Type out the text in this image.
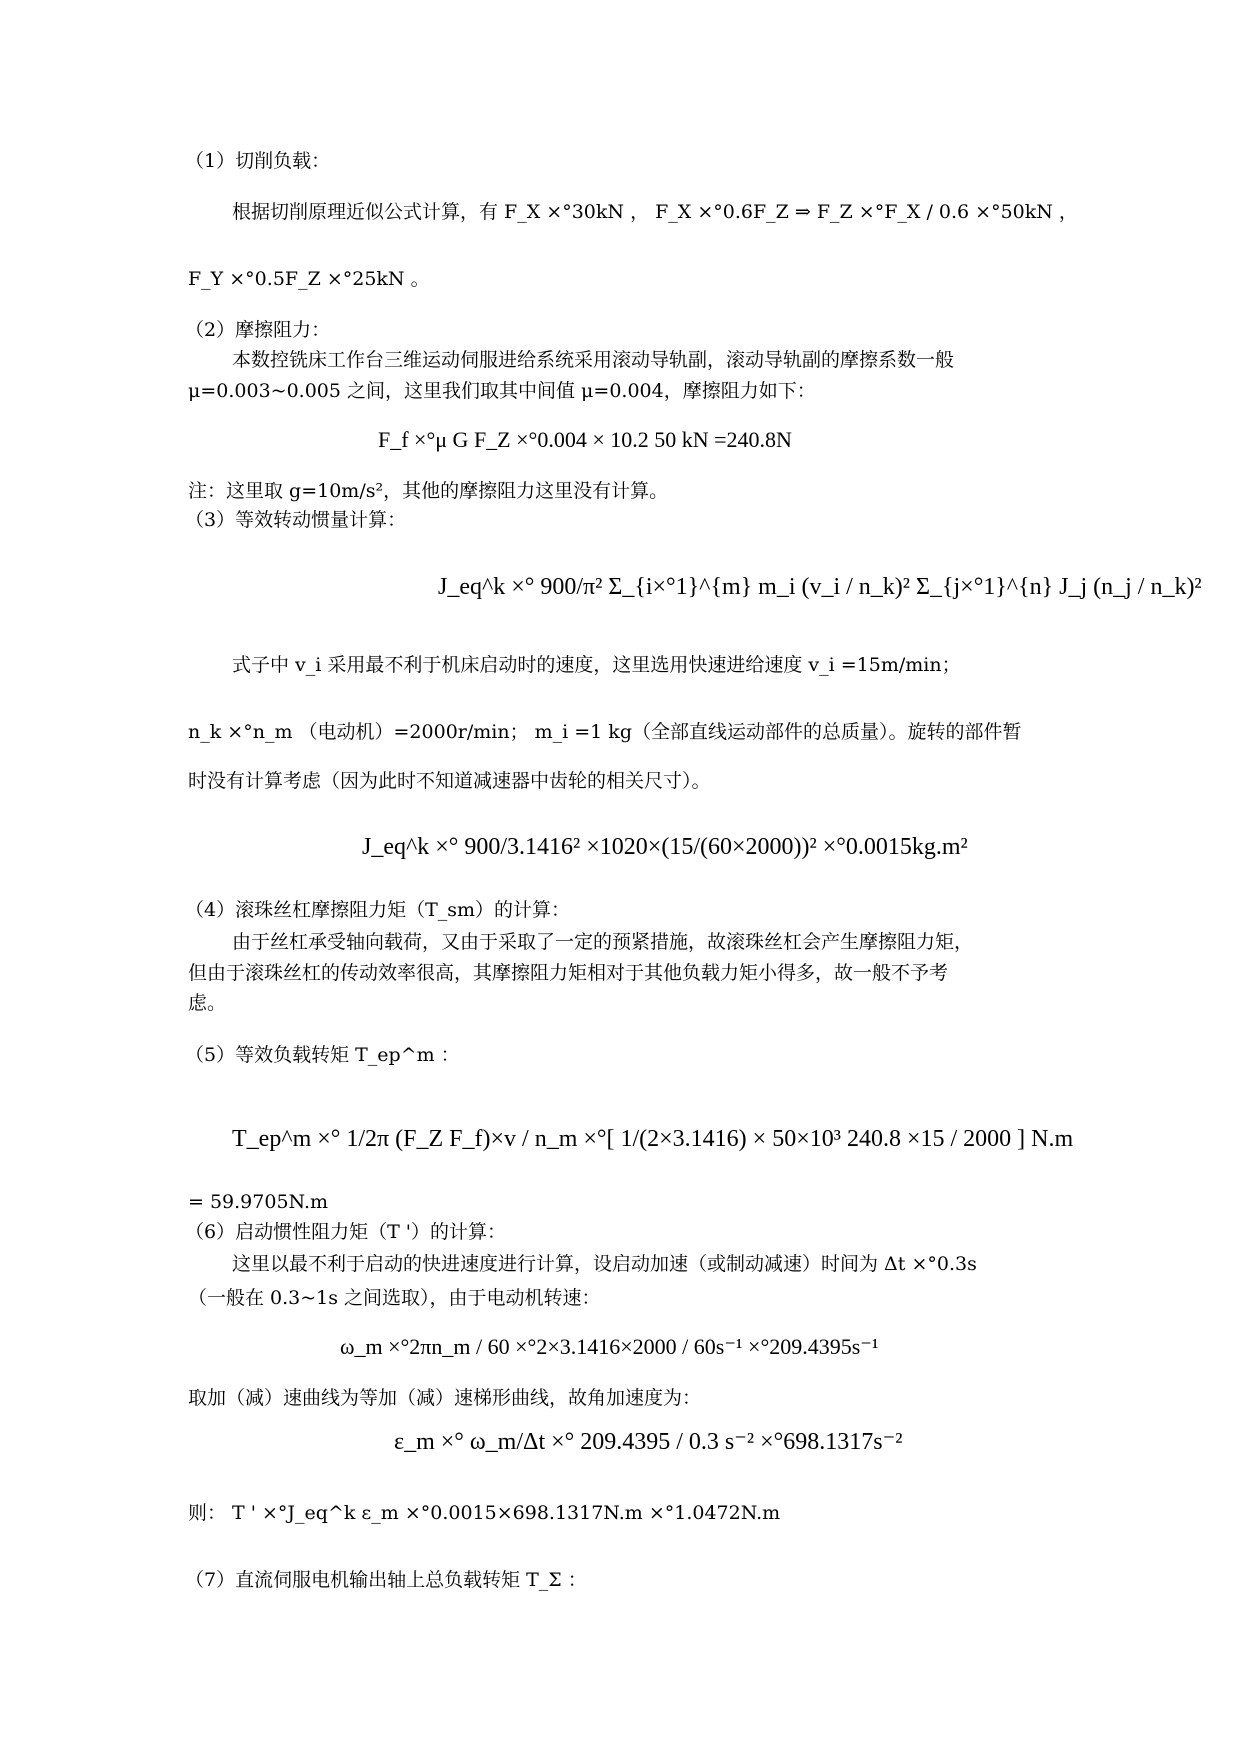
（1）切削负载：
根据切削原理近似公式计算，有 F_X ×°30kN ， F_X ×°0.6F_Z ⇒ F_Z ×°F_X / 0.6 ×°50kN ，
F_Y ×°0.5F_Z ×°25kN 。
（2）摩擦阻力：
本数控铣床工作台三维运动伺服进给系统采用滚动导轨副，滚动导轨副的摩擦系数一般
μ=0.003~0.005 之间，这里我们取其中间值 μ=0.004，摩擦阻力如下：
F_f ×°μ G F_Z ×°0.004 × 10.2 50 kN =240.8N
注：这里取 g=10m/s²，其他的摩擦阻力这里没有计算。
（3）等效转动惯量计算：
J_eq^k ×° 900/π² Σ_{i×°1}^{m} m_i (v_i / n_k)² Σ_{j×°1}^{n} J_j (n_j / n_k)²
式子中 v_i 采用最不利于机床启动时的速度，这里选用快速进给速度 v_i =15m/min；
n_k ×°n_m （电动机）=2000r/min； m_i =1 kg（全部直线运动部件的总质量）。旋转的部件暂
时没有计算考虑（因为此时不知道减速器中齿轮的相关尺寸）。
J_eq^k ×° 900/3.1416² ×1020×(15/(60×2000))² ×°0.0015kg.m²
（4）滚珠丝杠摩擦阻力矩（T_sm）的计算：
由于丝杠承受轴向载荷，又由于采取了一定的预紧措施，故滚珠丝杠会产生摩擦阻力矩，
但由于滚珠丝杠的传动效率很高，其摩擦阻力矩相对于其他负载力矩小得多，故一般不予考
虑。
（5）等效负载转矩 T_ep^m ：
T_ep^m ×° 1/2π (F_Z F_f)×v / n_m ×°[ 1/(2×3.1416) × 50×10³ 240.8 ×15 / 2000 ] N.m
= 59.9705N.m
（6）启动惯性阻力矩（T '）的计算：
这里以最不利于启动的快进速度进行计算，设启动加速（或制动减速）时间为 Δt ×°0.3s
（一般在 0.3~1s 之间选取），由于电动机转速：
ω_m ×°2πn_m / 60 ×°2×3.1416×2000 / 60s⁻¹ ×°209.4395s⁻¹
取加（减）速曲线为等加（减）速梯形曲线，故角加速度为：
ε_m ×° ω_m/Δt ×° 209.4395 / 0.3 s⁻² ×°698.1317s⁻²
则： T ' ×°J_eq^k ε_m ×°0.0015×698.1317N.m ×°1.0472N.m
（7）直流伺服电机输出轴上总负载转矩 T_Σ ：
